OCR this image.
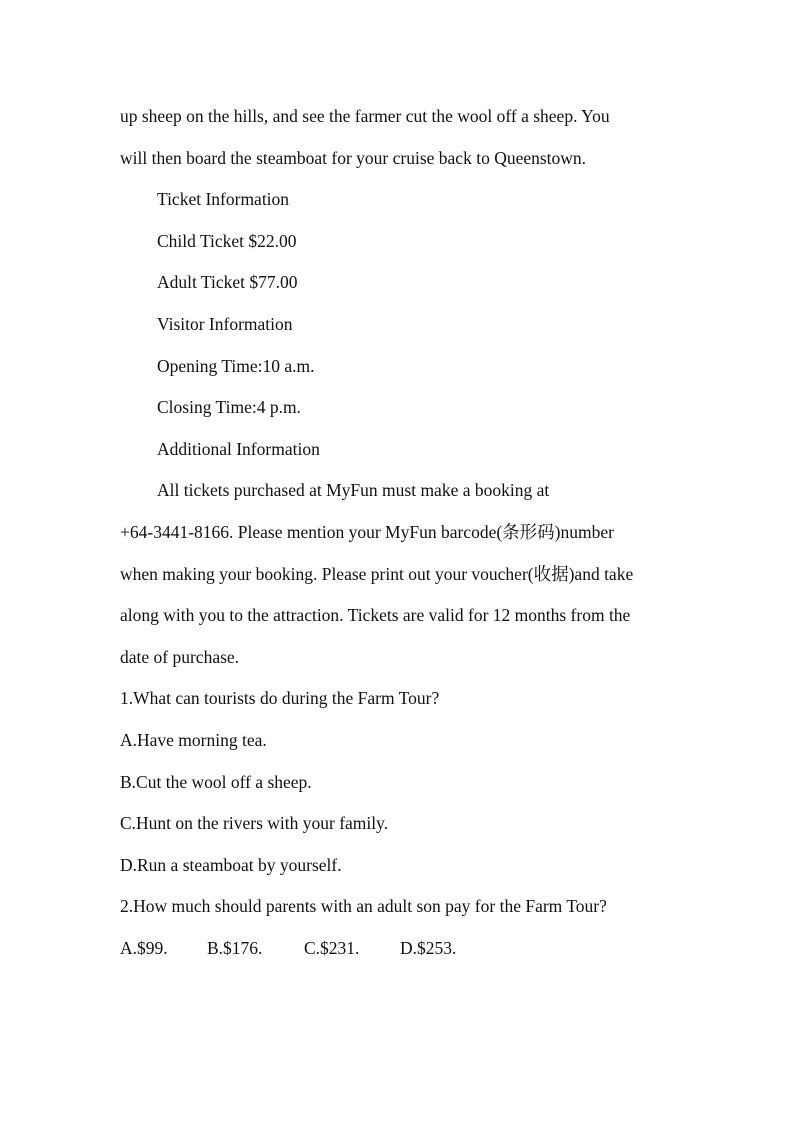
up sheep on the hills, and see the farmer cut the wool off a sheep. You

will then board the steamboat for your cruise back to Queenstown.

Ticket Information

Child Ticket $22.00

Adult Ticket $77.00

Visitor Information

Opening Time:10 a.m.

Closing Time:4 p.m.

Additional Information

All tickets purchased at MyFun must make a booking at

+64-3441-8166. Please mention your MyFun barcode(条形码)number

when making your booking. Please print out your voucher(收据)and take

along with you to the attraction. Tickets are valid for 12 months from the

date of purchase.

1.What can tourists do during the Farm Tour?

A.Have morning tea.

B.Cut the wool off a sheep.

C.Hunt on the rivers with your family.

D.Run a steamboat by yourself.

2.How much should parents with an adult son pay for the Farm Tour?

A.$99.	B.$176.	C.$231.	D.$253.
